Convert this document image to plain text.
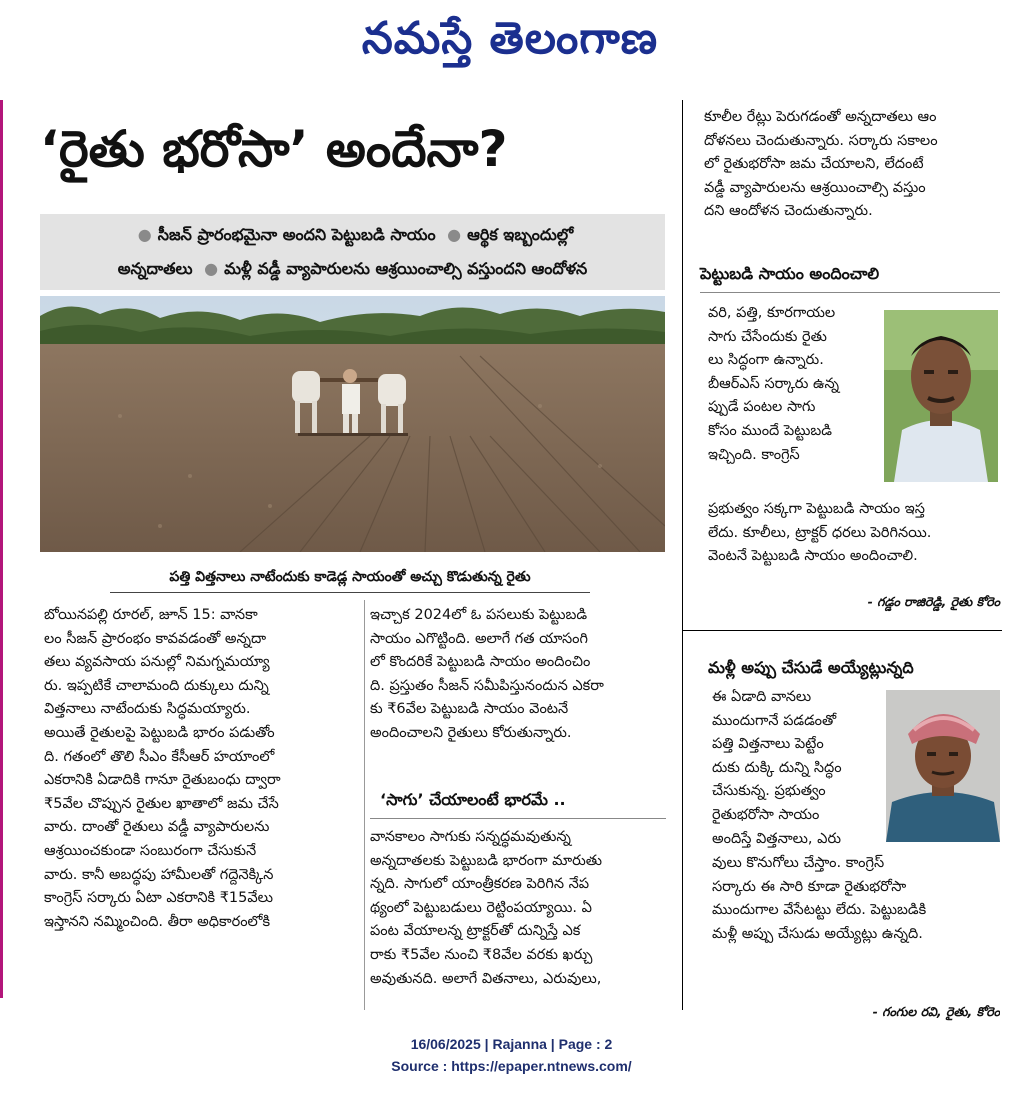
నమస్తే తెలంగాణ
‘రైతు భరోసా’ అందేనా?
● సీజన్ ప్రారంభమైనా అందని పెట్టుబడి సాయం ● ఆర్థిక ఇబ్బందుల్లో
అన్నదాతలు ● మళ్లీ వడ్డీ వ్యాపారులను ఆశ్రయించాల్సి వస్తుందని ఆందోళన
పత్తి విత్తనాలు నాటేందుకు కాడెడ్ల సాయంతో అచ్చు కొడుతున్న రైతు

బోయినపల్లి రూరల్, జూన్ 15: వానకా

లం సీజన్ ప్రారంభం కావవడంతో అన్నదా

తలు వ్యవసాయ పనుల్లో నిమగ్నమయ్యా

రు. ఇప్పటికే చాలామంది దుక్కులు దున్ని

విత్తనాలు నాటేందుకు సిద్ధమయ్యారు.

అయితే రైతులపై పెట్టుబడి భారం పడుతోం

ది. గతంలో తొలి సీఎం కేసీఆర్ హయాంలో

ఎకరానికి ఏడాదికి గానూ రైతుబంధు ద్వారా

₹5వేల చొప్పున రైతుల ఖాతాలో జమ చేసే

వారు. దాంతో రైతులు వడ్డీ వ్యాపారులను

ఆశ్రయించకుండా సంబురంగా చేసుకునే

వారు. కానీ అబద్ధపు హామీలతో గద్దెనెక్కిన

కాంగ్రెస్ సర్కారు ఏటా ఎకరానికి ₹15వేలు

ఇస్తానని నమ్మించింది. తీరా అధికారంలోకి

ఇచ్చాక 2024లో ఓ పసలుకు పెట్టుబడి

సాయం ఎగొట్టింది. అలాగే గత యాసంగి

లో కొందరికే పెట్టుబడి సాయం అందించిం

ది. ప్రస్తుతం సీజన్ సమీపిస్తునందున ఎకరా

కు ₹6వేల పెట్టుబడి సాయం వెంటనే

అందించాలని రైతులు కోరుతున్నారు.

‘సాగు’ చేయాలంటే భారమే ..

వానకాలం సాగుకు సన్నద్ధమవుతున్న

అన్నదాతలకు పెట్టుబడి భారంగా మారుతు

న్నది. సాగులో యాంత్రీకరణ పెరిగిన నేప

థ్యంలో పెట్టుబడులు రెట్టింపయ్యాయి. ఏ

పంట వేయాలన్న ట్రాక్టర్‌తో దున్నిస్తే ఎక

రాకు ₹5వేల నుంచి ₹8వేల వరకు ఖర్చు

అవుతునది. అలాగే వితనాలు, ఎరువులు,

కూలీల రేట్లు పెరుగడంతో అన్నదాతలు ఆం

దోళనలు చెందుతున్నారు. సర్కారు సకాలం

లో రైతుభరోసా జమ చేయాలని, లేదంటే

వడ్డీ వ్యాపారులను ఆశ్రయించాల్సి వస్తుం

దని ఆందోళన చెందుతున్నారు.

పెట్టుబడి సాయం అందించాలి

వరి, పత్తి, కూరగాయల

సాగు చేసేందుకు రైతు

లు సిద్ధంగా ఉన్నారు.

బీఆర్ఎస్ సర్కారు ఉన్న

ప్పుడే పంటల సాగు

కోసం ముందే పెట్టుబడి

ఇచ్చింది. కాంగ్రెస్

ప్రభుత్వం సక్కగా పెట్టుబడి సాయం ఇస్త

లేదు. కూలీలు, ట్రాక్టర్ ధరలు పెరిగినయి.

వెంటనే పెట్టుబడి సాయం అందించాలి.

- గడ్డం రాజిరెడ్డి, రైతు కోరెం
మళ్లీ అప్పు చేసుడే అయ్యేట్లున్నది

ఈ ఏడాది వానలు

ముందుగానే పడడంతో

పత్తి విత్తనాలు పెట్టేం

దుకు దుక్కి దున్ని సిద్ధం

చేసుకున్న. ప్రభుత్వం

రైతుభరోసా సాయం

అందిస్తే విత్తనాలు, ఎరు

వులు కొనుగోలు చేస్తాం. కాంగ్రెస్

సర్కారు ఈ సారి కూడా రైతుభరోసా

ముందుగాల వేసేటట్టు లేదు. పెట్టుబడికి

మళ్లీ అప్పు చేసుడు అయ్యేట్లు ఉన్నది.

- గంగుల రవి, రైతు, కోరెం
16/06/2025 | Rajanna | Page : 2
Source : https://epaper.ntnews.com/
